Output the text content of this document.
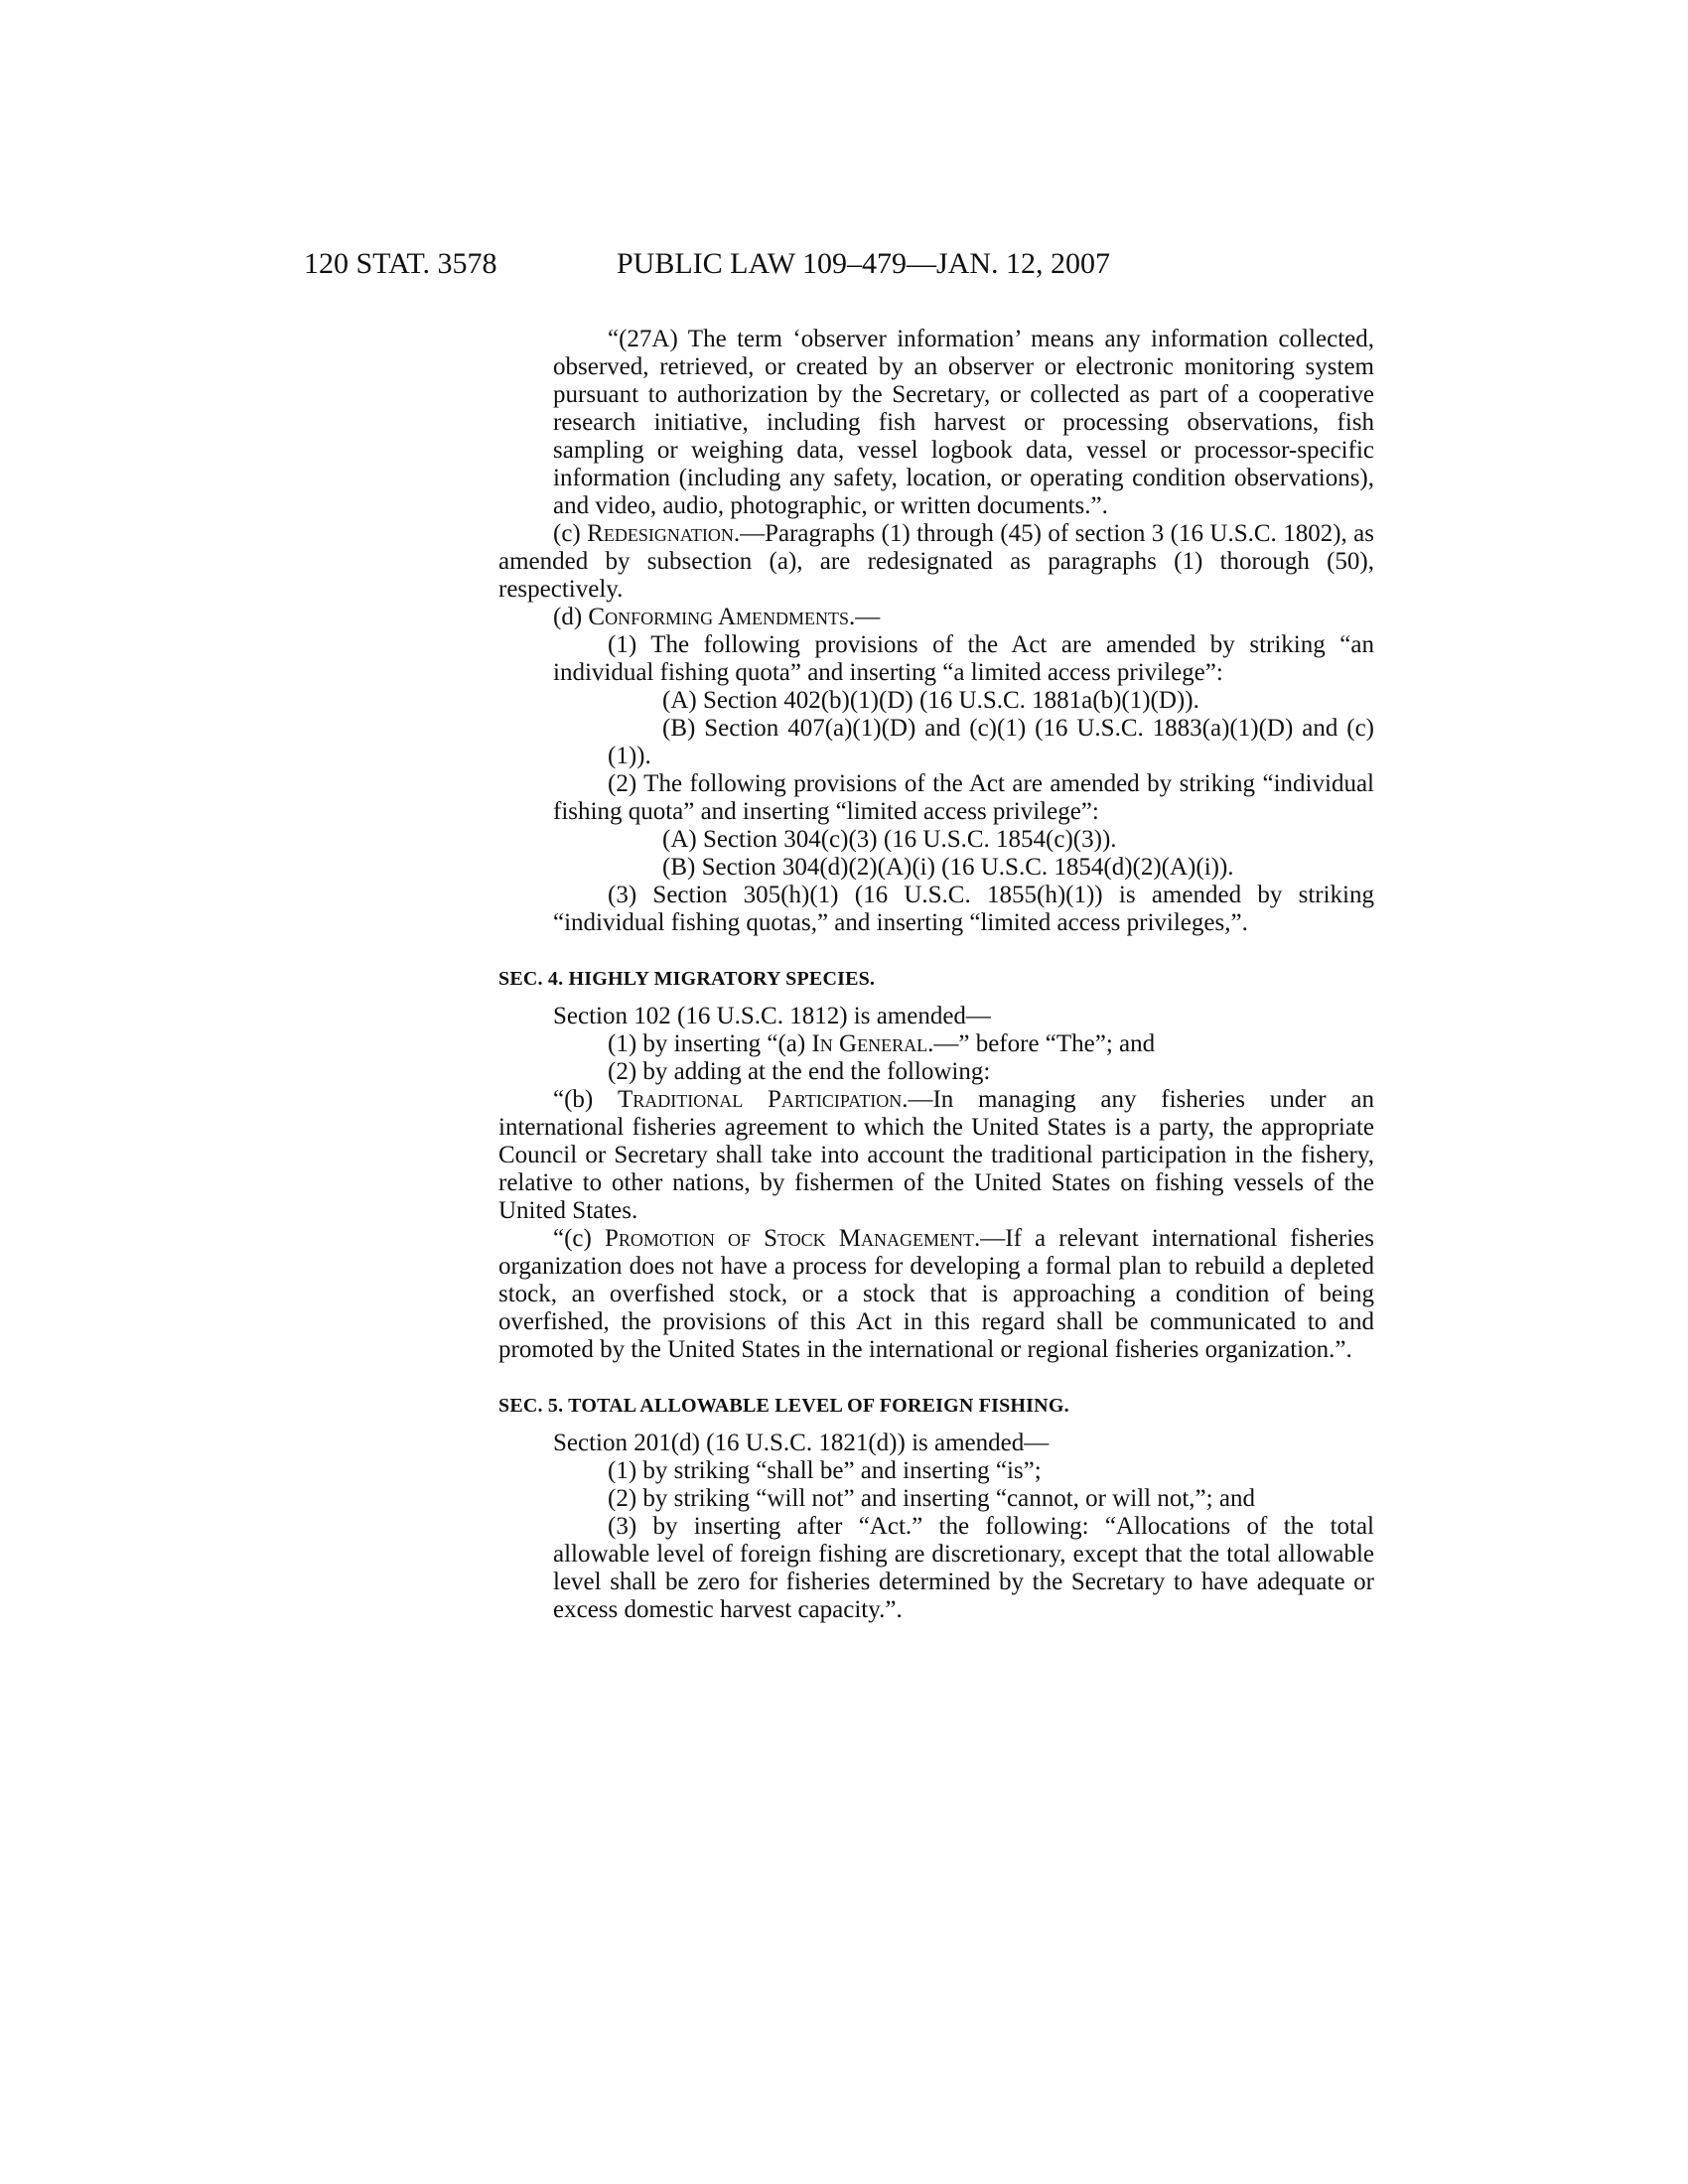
120 STAT. 3578	PUBLIC LAW 109–479—JAN. 12, 2007

“(27A) The term ‘observer information’ means any information collected, observed, retrieved, or created by an observer or electronic monitoring system pursuant to authorization by the Secretary, or collected as part of a cooperative research initiative, including fish harvest or processing observations, fish sampling or weighing data, vessel logbook data, vessel or processor-specific information (including any safety, location, or operating condition observations), and video, audio, photographic, or written documents.”.

(c) Redesignation.—Paragraphs (1) through (45) of section 3 (16 U.S.C. 1802), as amended by subsection (a), are redesignated as paragraphs (1) thorough (50), respectively.

(d) Conforming Amendments.—

(1) The following provisions of the Act are amended by striking “an individual fishing quota” and inserting “a limited access privilege”:

(A) Section 402(b)(1)(D) (16 U.S.C. 1881a(b)(1)(D)).

(B) Section 407(a)(1)(D) and (c)(1) (16 U.S.C. 1883(a)(1)(D) and (c)(1)).

(2) The following provisions of the Act are amended by striking “individual fishing quota” and inserting “limited access privilege”:

(A) Section 304(c)(3) (16 U.S.C. 1854(c)(3)).

(B) Section 304(d)(2)(A)(i) (16 U.S.C. 1854(d)(2)(A)(i)).

(3) Section 305(h)(1) (16 U.S.C. 1855(h)(1)) is amended by striking “individual fishing quotas,” and inserting “limited access privileges,”.

SEC. 4. HIGHLY MIGRATORY SPECIES.

Section 102 (16 U.S.C. 1812) is amended—

(1) by inserting “(a) In General.—” before “The”; and

(2) by adding at the end the following:

“(b) Traditional Participation.—In managing any fisheries under an international fisheries agreement to which the United States is a party, the appropriate Council or Secretary shall take into account the traditional participation in the fishery, relative to other nations, by fishermen of the United States on fishing vessels of the United States.

“(c) Promotion of Stock Management.—If a relevant international fisheries organization does not have a process for developing a formal plan to rebuild a depleted stock, an overfished stock, or a stock that is approaching a condition of being overfished, the provisions of this Act in this regard shall be communicated to and promoted by the United States in the international or regional fisheries organization.”.

SEC. 5. TOTAL ALLOWABLE LEVEL OF FOREIGN FISHING.

Section 201(d) (16 U.S.C. 1821(d)) is amended—

(1) by striking “shall be” and inserting “is”;

(2) by striking “will not” and inserting “cannot, or will not,”; and

(3) by inserting after “Act.” the following: “Allocations of the total allowable level of foreign fishing are discretionary, except that the total allowable level shall be zero for fisheries determined by the Secretary to have adequate or excess domestic harvest capacity.”.
